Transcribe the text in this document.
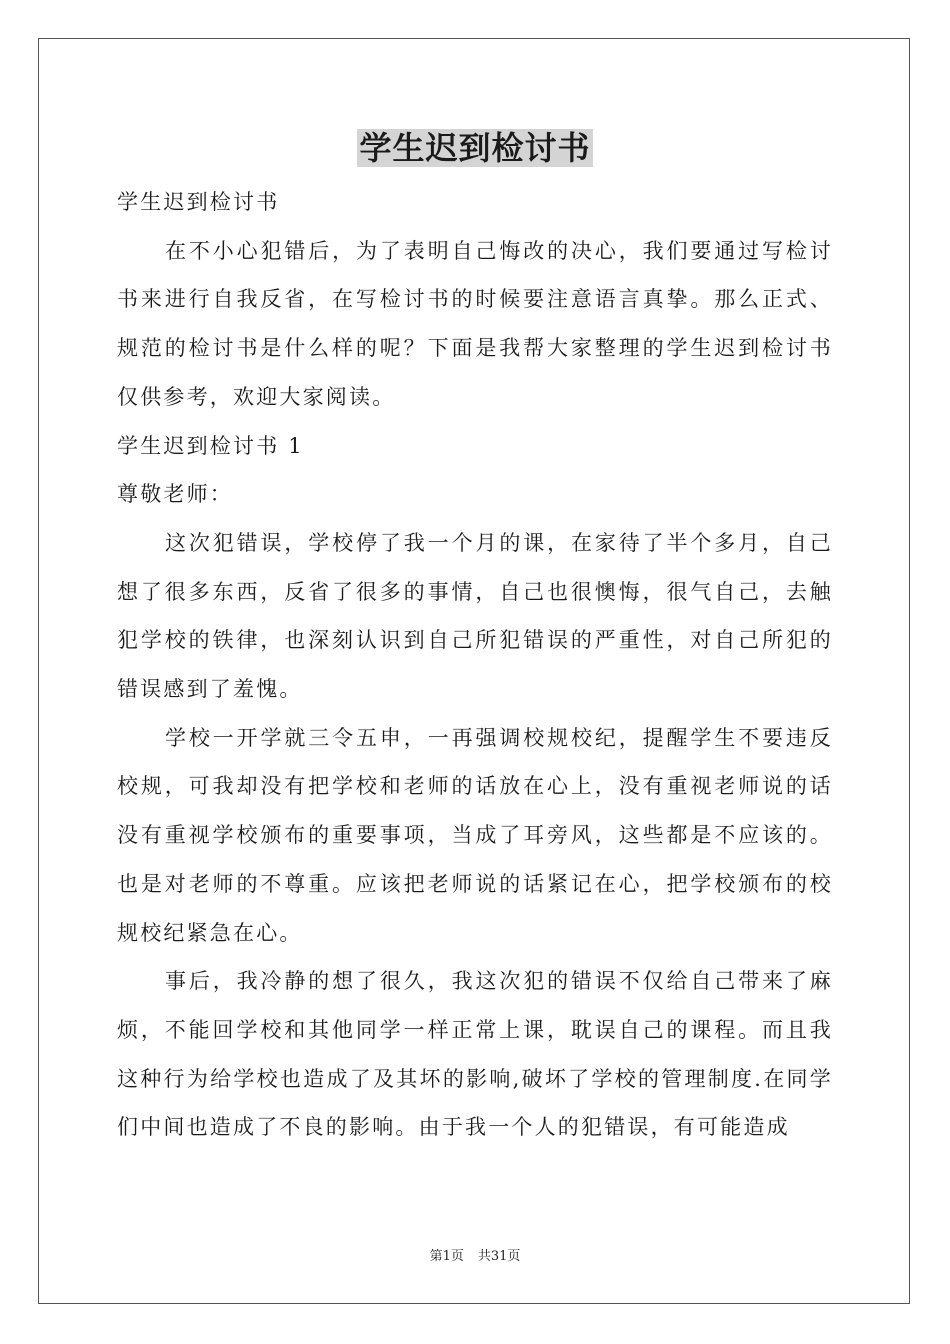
学生迟到检讨书

学生迟到检讨书

在不小心犯错后，为了表明自己悔改的决心，我们要通过写检讨书来进行自我反省，在写检讨书的时候要注意语言真挚。那么正式、规范的检讨书是什么样的呢？下面是我帮大家整理的学生迟到检讨书仅供参考，欢迎大家阅读。

学生迟到检讨书 1

尊敬老师：

这次犯错误，学校停了我一个月的课，在家待了半个多月，自己想了很多东西，反省了很多的事情，自己也很懊悔，很气自己，去触犯学校的铁律，也深刻认识到自己所犯错误的严重性，对自己所犯的错误感到了羞愧。

学校一开学就三令五申，一再强调校规校纪，提醒学生不要违反校规，可我却没有把学校和老师的话放在心上，没有重视老师说的话没有重视学校颁布的重要事项，当成了耳旁风，这些都是不应该的。也是对老师的不尊重。应该把老师说的话紧记在心，把学校颁布的校规校纪紧急在心。

事后，我冷静的想了很久，我这次犯的错误不仅给自己带来了麻烦，不能回学校和其他同学一样正常上课，耽误自己的课程。而且我这种行为给学校也造成了及其坏的影响,破坏了学校的管理制度.在同学们中间也造成了不良的影响。由于我一个人的犯错误，有可能造成

第1页 共31页
